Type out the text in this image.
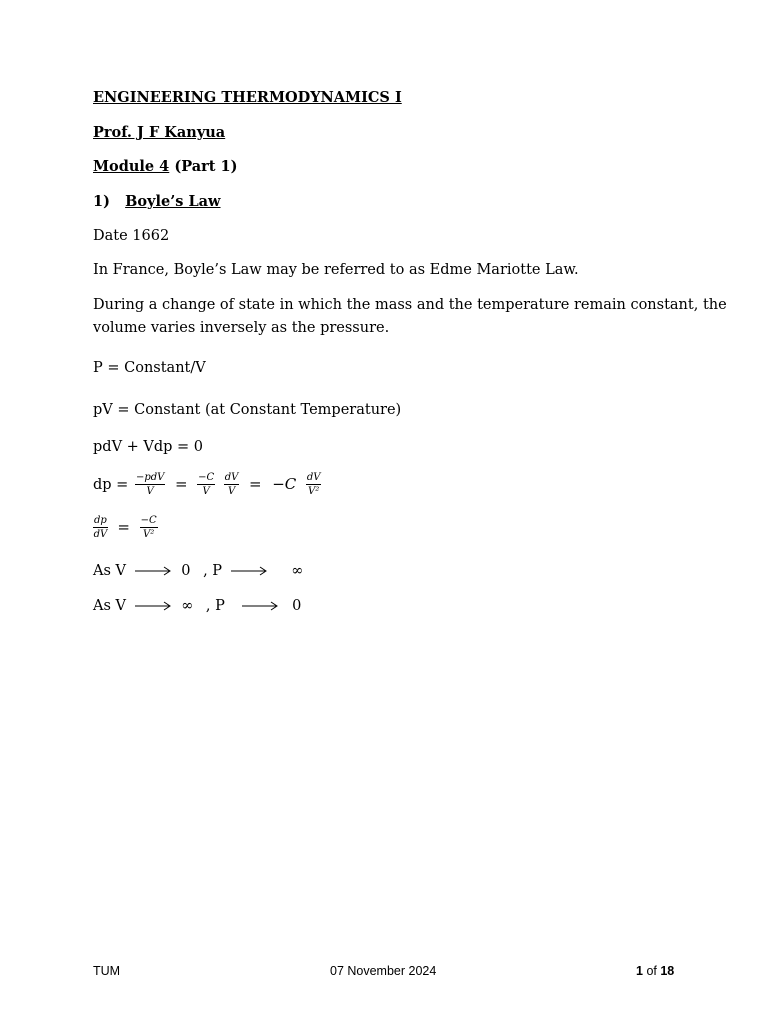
ENGINEERING THERMODYNAMICS I
Prof. J F Kanyua
Module 4 (Part 1)
1) Boyle’s Law
Date 1662
In France, Boyle’s Law may be referred to as Edme Mariotte Law.
During a change of state in which the mass and the temperature remain constant, the
volume varies inversely as the pressure.
P = Constant/V
pV = Constant (at Constant Temperature)
pdV + Vdp = 0
dp = $\frac{\text{−pdV}}{V} = \frac{-C}{V}$
$\frac{dV}{V} = -C \frac{dV}{\text{V²}}$
$\frac{dp}{dV} = \frac{-C}{\text{V²}}$
As V	0 , P	∞
As V	∞ , P	0
TUM	07 November 2024	1 of 18
